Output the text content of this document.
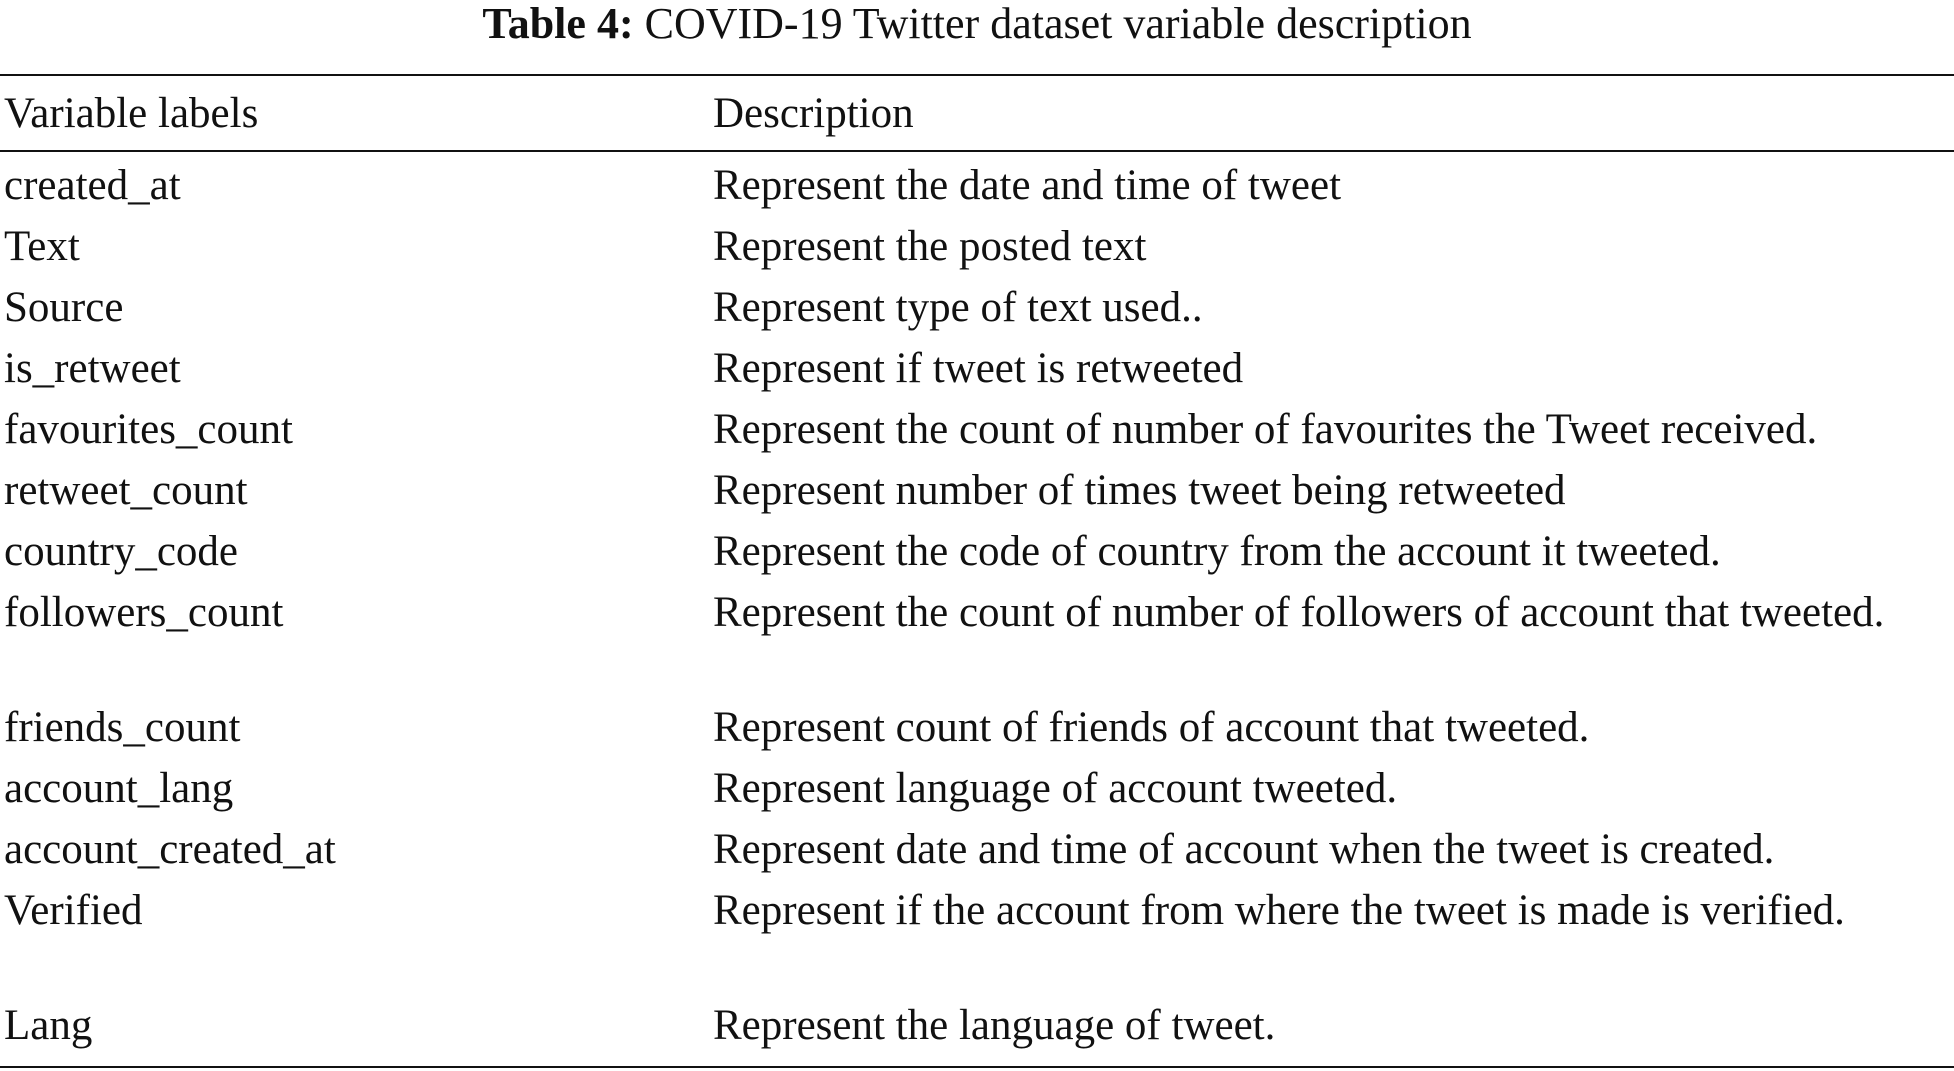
Table 4: COVID-19 Twitter dataset variable description
Variable labels	Description
created_at	Represent the date and time of tweet
Text	Represent the posted text
Source	Represent type of text used..
is_retweet	Represent if tweet is retweeted
favourites_count	Represent the count of number of favourites the Tweet received.
retweet_count	Represent number of times tweet being retweeted
country_code	Represent the code of country from the account it tweeted.
followers_count	Represent the count of number of followers of account that tweeted.
friends_count	Represent count of friends of account that tweeted.
account_lang	Represent language of account tweeted.
account_created_at	Represent date and time of account when the tweet is created.
Verified	Represent if the account from where the tweet is made is verified.
Lang	Represent the language of tweet.
